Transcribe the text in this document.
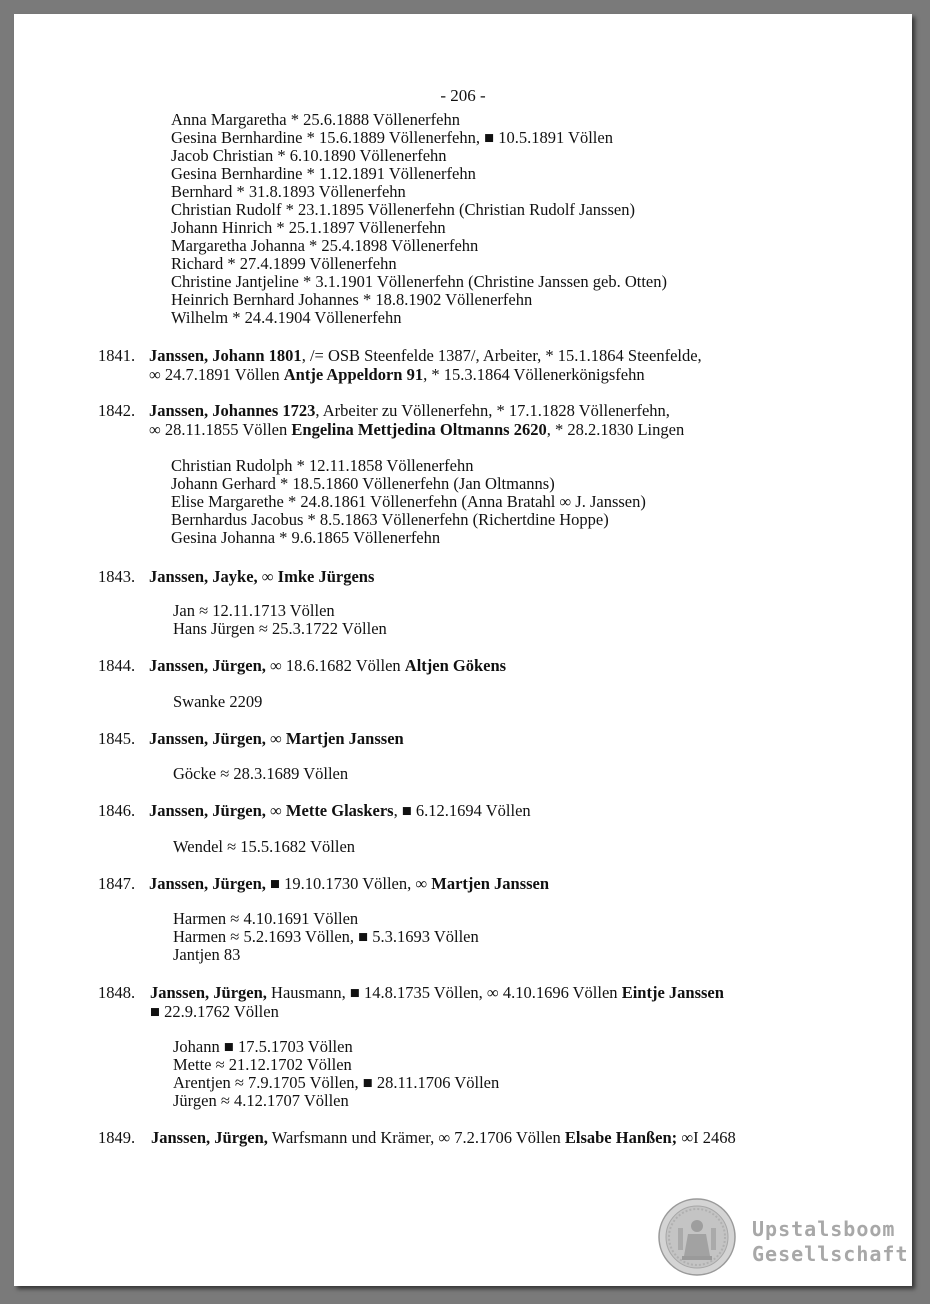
- 206 -
Anna Margaretha * 25.6.1888 Völlenerfehn
Gesina Bernhardine * 15.6.1889 Völlenerfehn, ■ 10.5.1891 Völlen
Jacob Christian * 6.10.1890 Völlenerfehn
Gesina Bernhardine * 1.12.1891 Völlenerfehn
Bernhard * 31.8.1893 Völlenerfehn
Christian Rudolf * 23.1.1895 Völlenerfehn (Christian Rudolf Janssen)
Johann Hinrich * 25.1.1897 Völlenerfehn
Margaretha Johanna * 25.4.1898 Völlenerfehn
Richard * 27.4.1899 Völlenerfehn
Christine Jantjeline * 3.1.1901 Völlenerfehn (Christine Janssen geb. Otten)
Heinrich Bernhard Johannes * 18.8.1902 Völlenerfehn
Wilhelm * 24.4.1904 Völlenerfehn
1841. Janssen, Johann 1801, /= OSB Steenfelde 1387/, Arbeiter, * 15.1.1864 Steenfelde,
∞ 24.7.1891 Völlen Antje Appeldorn 91, * 15.3.1864 Völlenerkönigsfehn
1842. Janssen, Johannes 1723, Arbeiter zu Völlenerfehn, * 17.1.1828 Völlenerfehn,
∞ 28.11.1855 Völlen Engelina Mettjedina Oltmanns 2620, * 28.2.1830 Lingen
Christian Rudolph * 12.11.1858 Völlenerfehn
Johann Gerhard * 18.5.1860 Völlenerfehn (Jan Oltmanns)
Elise Margarethe * 24.8.1861 Völlenerfehn (Anna Bratahl ∞ J. Janssen)
Bernhardus Jacobus * 8.5.1863 Völlenerfehn (Richertdine Hoppe)
Gesina Johanna * 9.6.1865 Völlenerfehn
1843. Janssen, Jayke, ∞ Imke Jürgens
Jan ≈ 12.11.1713 Völlen
Hans Jürgen ≈ 25.3.1722 Völlen
1844. Janssen, Jürgen, ∞ 18.6.1682 Völlen Altjen Gökens
Swanke 2209
1845. Janssen, Jürgen, ∞ Martjen Janssen
Göcke ≈ 28.3.1689 Völlen
1846. Janssen, Jürgen, ∞ Mette Glaskers, ■ 6.12.1694 Völlen
Wendel ≈ 15.5.1682 Völlen
1847. Janssen, Jürgen, ■ 19.10.1730 Völlen, ∞ Martjen Janssen
Harmen ≈ 4.10.1691 Völlen
Harmen ≈ 5.2.1693 Völlen, ■ 5.3.1693 Völlen
Jantjen 83
1848. Janssen, Jürgen, Hausmann, ■ 14.8.1735 Völlen, ∞ 4.10.1696 Völlen Eintje Janssen
■ 22.9.1762 Völlen
Johann ■ 17.5.1703 Völlen
Mette ≈ 21.12.1702 Völlen
Arentjen ≈ 7.9.1705 Völlen, ■ 28.11.1706 Völlen
Jürgen ≈ 4.12.1707 Völlen
1849. Janssen, Jürgen, Warfsmann und Krämer, ∞ 7.2.1706 Völlen Elsabe Hanßen; ∞I 2468
Upstalsboom
Gesellschaft
